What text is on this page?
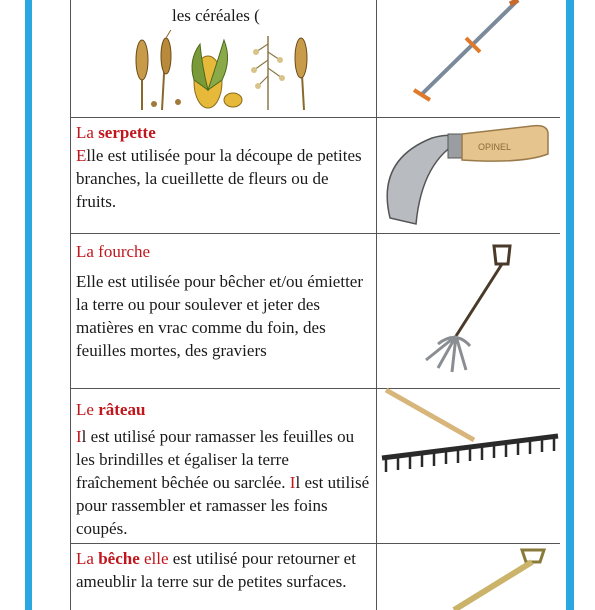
les céréales (
La serpette
Elle est utilisée pour la découpe de petites branches, la cueillette de fleurs ou de fruits.
OPINEL
La fourche
Elle est utilisée pour bêcher et/ou émietter la terre ou pour soulever et jeter des matières en vrac comme du foin, des feuilles mortes, des graviers
Le râteau
Il est utilisé pour ramasser les feuilles ou les brindilles et égaliser la terre fraîchement bêchée ou sarclée. Il est utilisé pour rassembler et ramasser les foins coupés.
La bêche elle est utilisé pour retourner et ameublir la terre sur de petites surfaces.
